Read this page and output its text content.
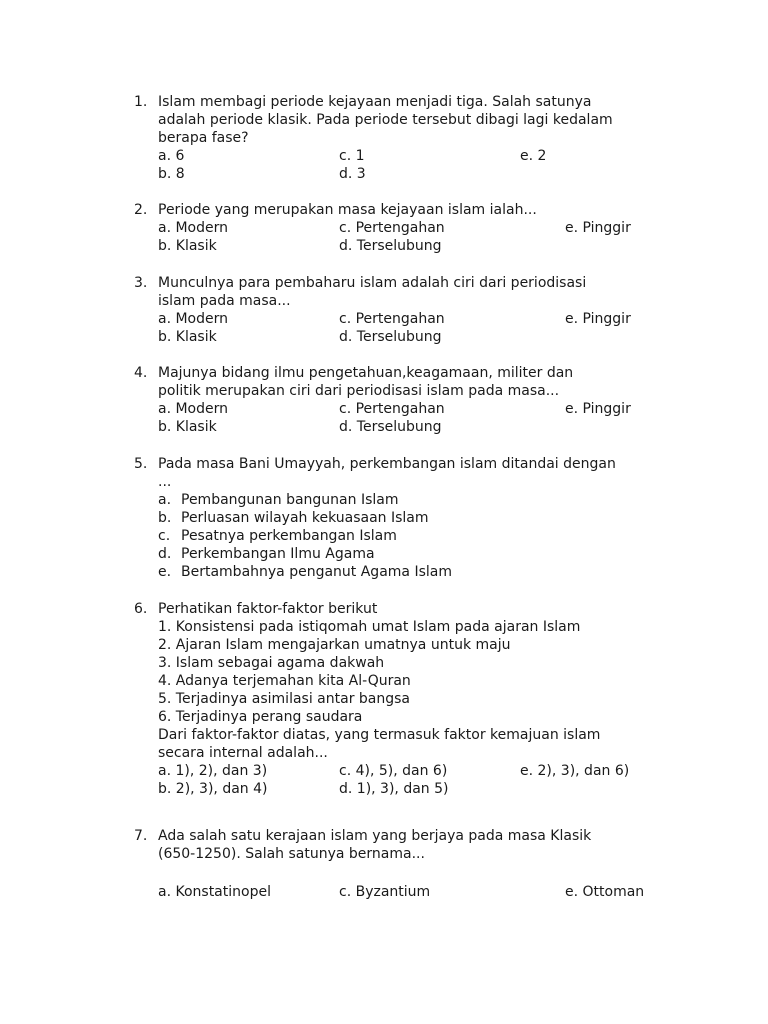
1. Islam membagi periode kejayaan menjadi tiga. Salah satunya
adalah periode klasik. Pada periode tersebut dibagi lagi kedalam
berapa fase?
a. 6	c. 1	e. 2
b. 8	d. 3
2. Periode yang merupakan masa kejayaan islam ialah...
a. Modern	c. Pertengahan	e. Pinggir
b. Klasik	d. Terselubung
3. Munculnya para pembaharu islam adalah ciri dari periodisasi
islam pada masa...
a. Modern	c. Pertengahan	e. Pinggir
b. Klasik	d. Terselubung
4. Majunya bidang ilmu pengetahuan,keagamaan, militer dan
politik merupakan ciri dari periodisasi islam pada masa...
a. Modern	c. Pertengahan	e. Pinggir
b. Klasik	d. Terselubung
5. Pada masa Bani Umayyah, perkembangan islam ditandai dengan
...
a. Pembangunan bangunan Islam
b. Perluasan wilayah kekuasaan Islam
c. Pesatnya perkembangan Islam
d. Perkembangan Ilmu Agama
e. Bertambahnya penganut Agama Islam
6. Perhatikan faktor-faktor berikut
1. Konsistensi pada istiqomah umat Islam pada ajaran Islam
2. Ajaran Islam mengajarkan umatnya untuk maju
3. Islam sebagai agama dakwah
4. Adanya terjemahan kita Al-Quran
5. Terjadinya asimilasi antar bangsa
6. Terjadinya perang saudara
Dari faktor-faktor diatas, yang termasuk faktor kemajuan islam
secara internal adalah...
a. 1), 2), dan 3)	c. 4), 5), dan 6)	e. 2), 3), dan 6)
b. 2), 3), dan 4)	d. 1), 3), dan 5)
7. Ada salah satu kerajaan islam yang berjaya pada masa Klasik
(650-1250). Salah satunya bernama...
a. Konstatinopel	c. Byzantium	e. Ottoman
